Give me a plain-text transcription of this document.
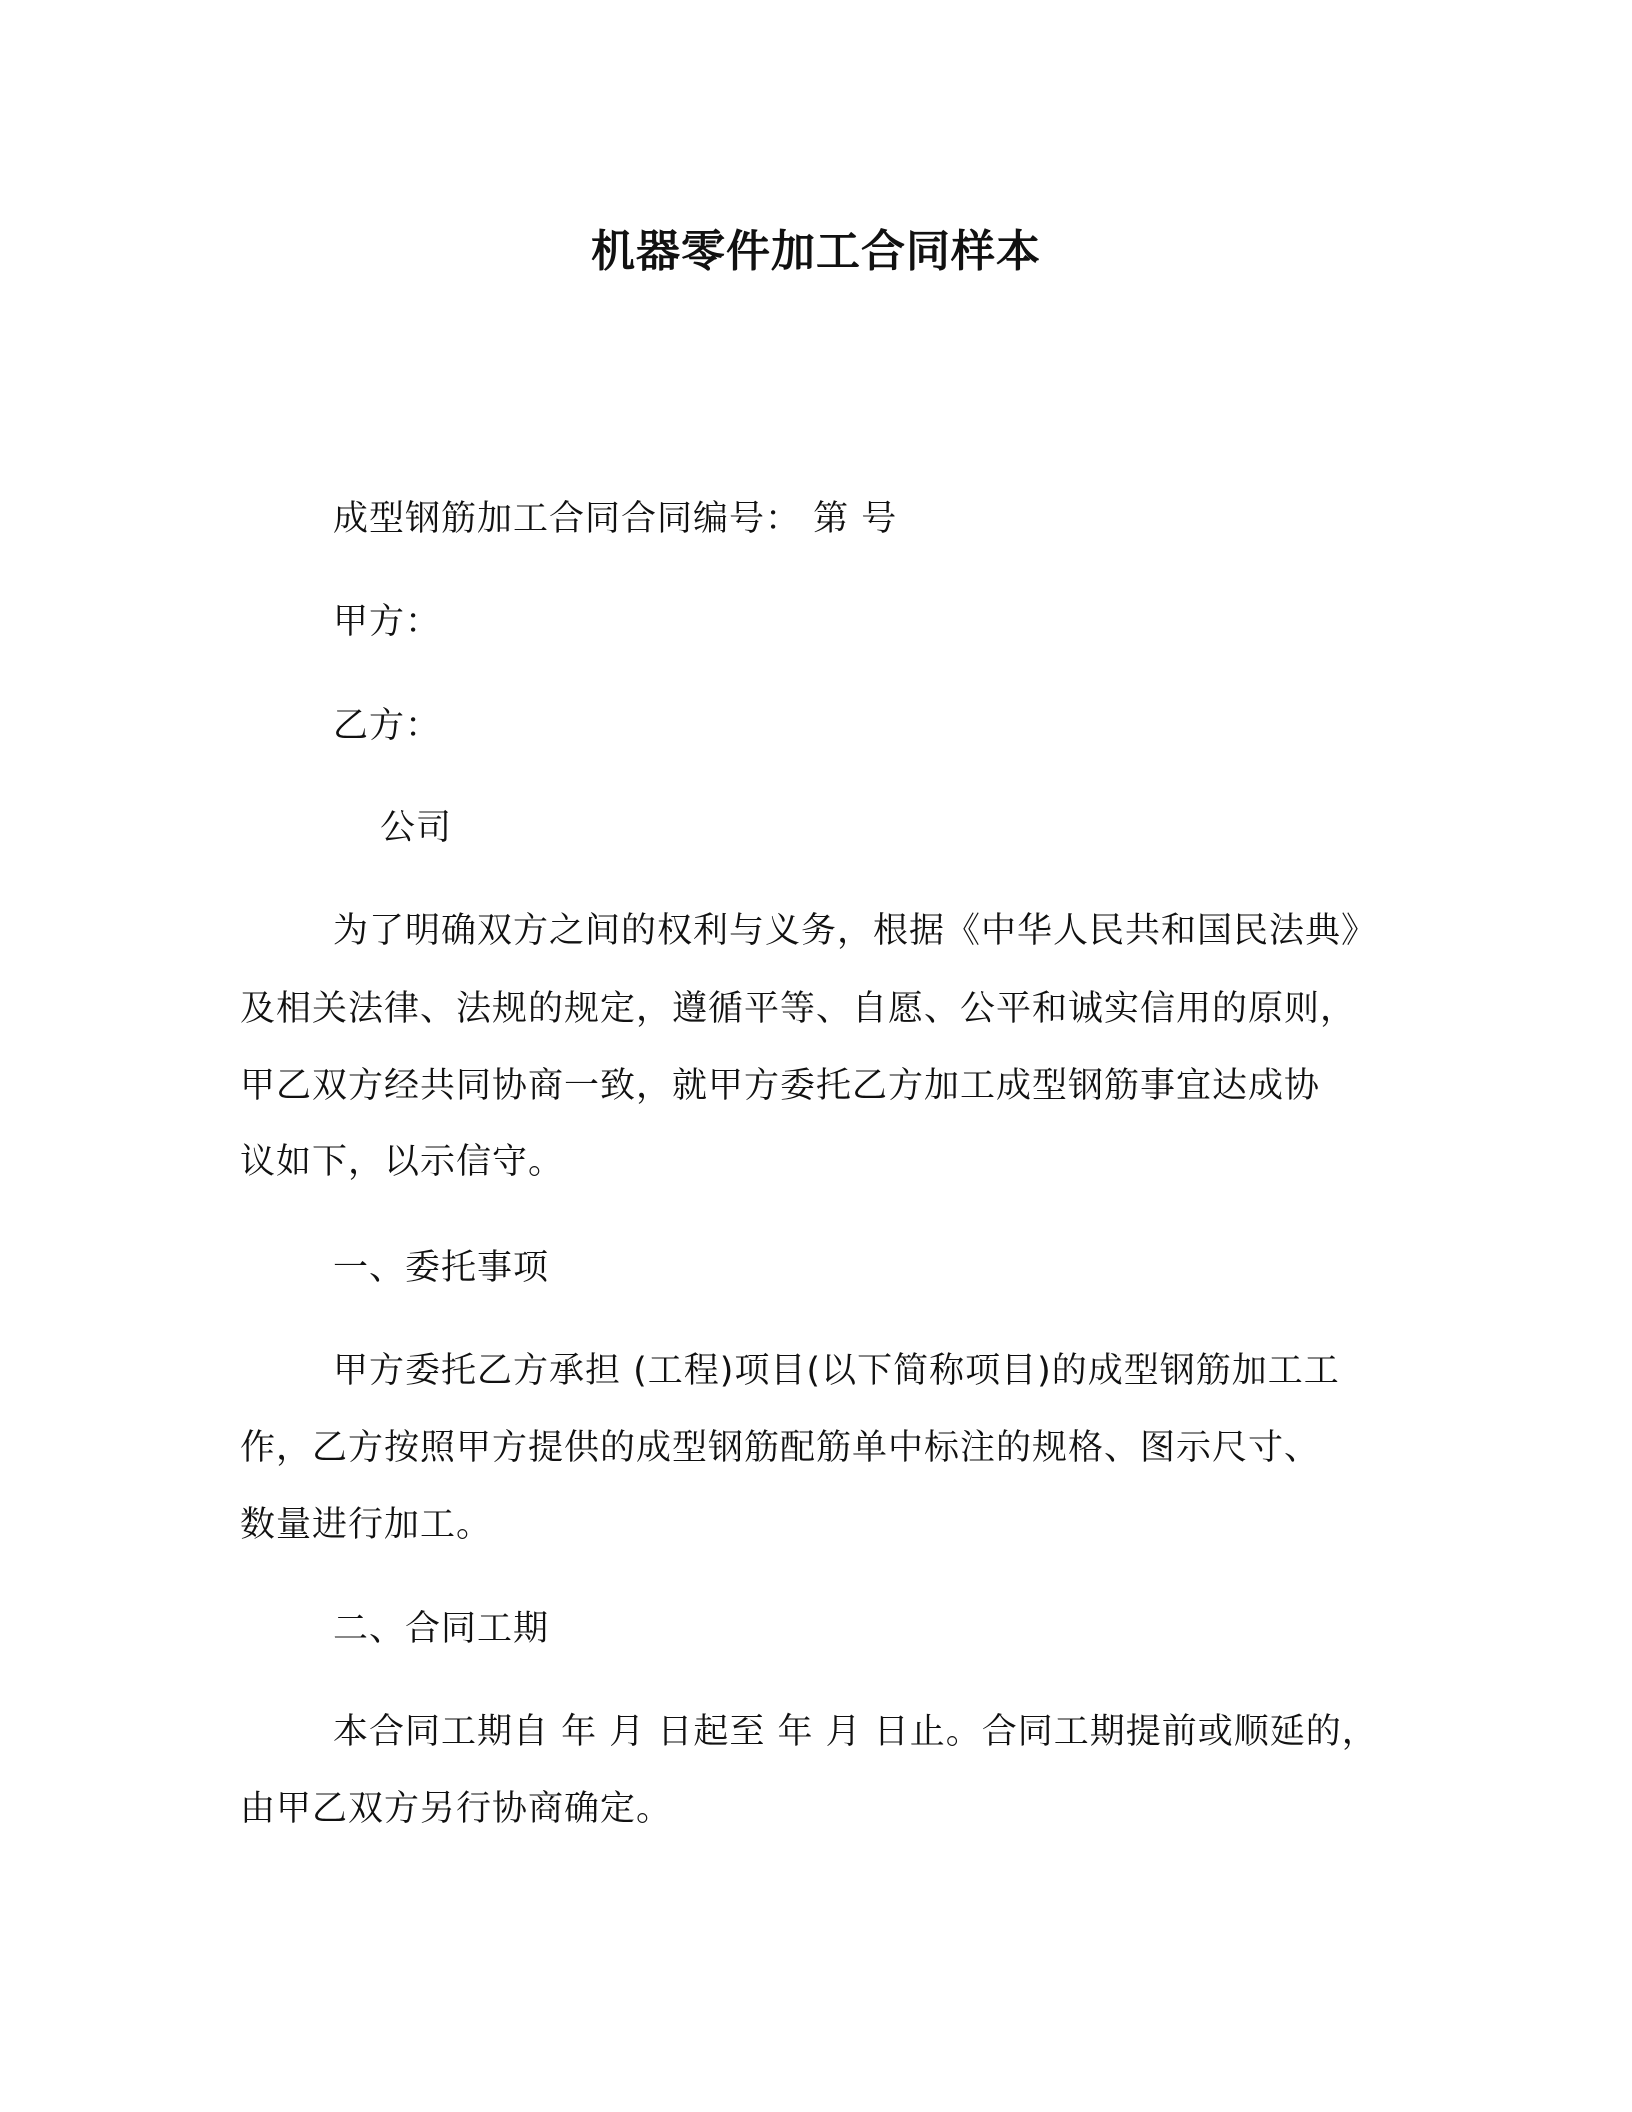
机器零件加工合同样本
成型钢筋加工合同合同编号： 第 号
甲方：
乙方：
公司
为了明确双方之间的权利与义务，根据《中华人民共和国民法典》
及相关法律、法规的规定，遵循平等、自愿、公平和诚实信用的原则，
甲乙双方经共同协商一致，就甲方委托乙方加工成型钢筋事宜达成协
议如下，以示信守。
一、委托事项
甲方委托乙方承担 (工程)项目(以下简称项目)的成型钢筋加工工
作，乙方按照甲方提供的成型钢筋配筋单中标注的规格、图示尺寸、
数量进行加工。
二、合同工期
本合同工期自 年 月 日起至 年 月 日止。合同工期提前或顺延的，
由甲乙双方另行协商确定。
